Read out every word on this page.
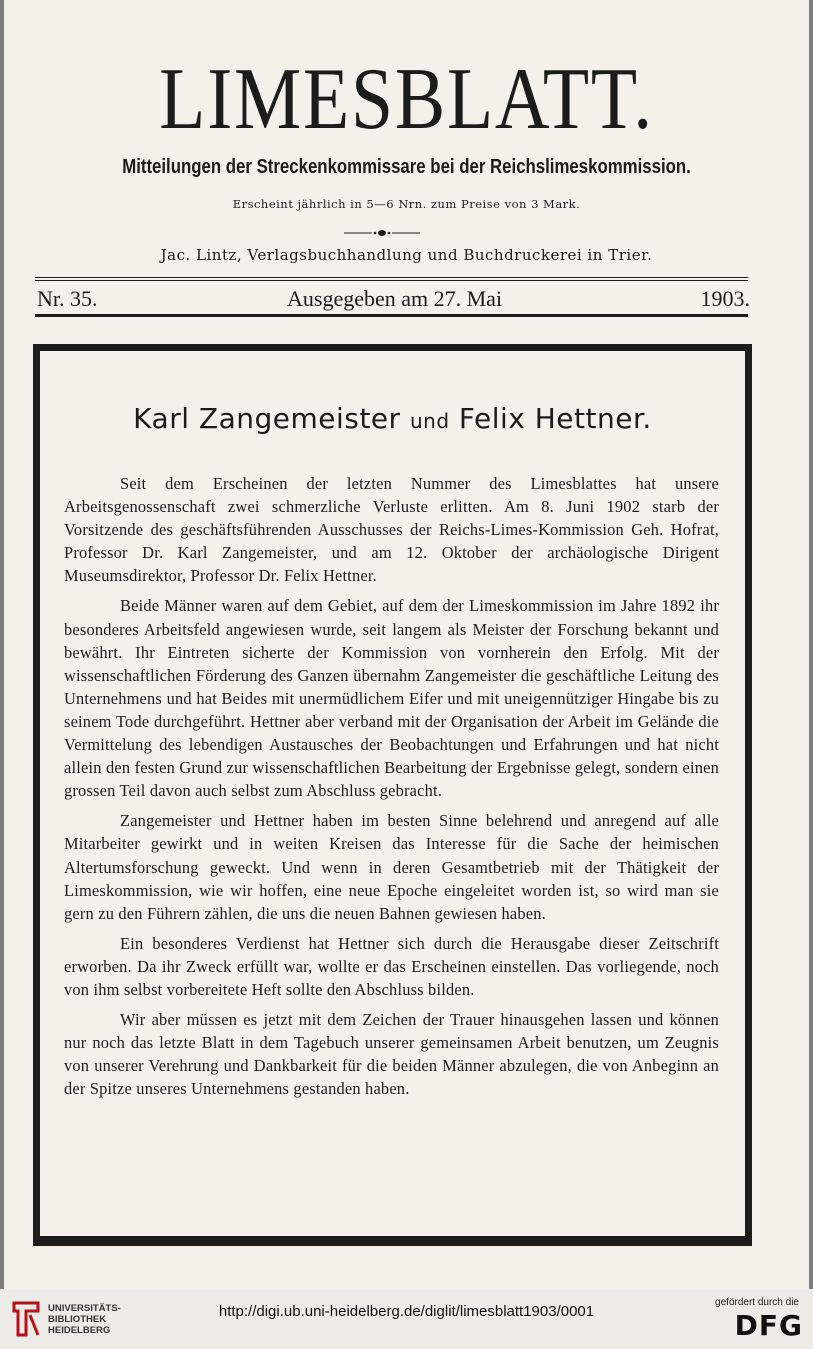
LIMESBLATT.
Mitteilungen der Streckenkommissare bei der Reichslimeskommission.
Erscheint jährlich in 5—6 Nrn. zum Preise von 3 Mark.
Jac. Lintz, Verlagsbuchhandlung und Buchdruckerei in Trier.
Nr. 35.	Ausgegeben am 27. Mai	1903.
Karl Zangemeister und Felix Hettner.

Seit dem Erscheinen der letzten Nummer des Limesblattes hat unsere Arbeitsgenossenschaft zwei schmerzliche Verluste erlitten. Am 8. Juni 1902 starb der Vorsitzende des geschäftsführenden Ausschusses der Reichs-Limes-Kommission Geh. Hofrat, Professor Dr. Karl Zangemeister, und am 12. Oktober der archäologische Dirigent Museumsdirektor, Professor Dr. Felix Hettner.

Beide Männer waren auf dem Gebiet, auf dem der Limeskommission im Jahre 1892 ihr besonderes Arbeitsfeld angewiesen wurde, seit langem als Meister der Forschung bekannt und bewährt. Ihr Eintreten sicherte der Kommission von vornherein den Erfolg. Mit der wissenschaftlichen Förderung des Ganzen übernahm Zangemeister die geschäftliche Leitung des Unternehmens und hat Beides mit unermüdlichem Eifer und mit uneigennütziger Hingabe bis zu seinem Tode durchgeführt. Hettner aber verband mit der Organisation der Arbeit im Gelände die Vermittelung des lebendigen Austausches der Beobachtungen und Erfahrungen und hat nicht allein den festen Grund zur wissenschaftlichen Bearbeitung der Ergebnisse gelegt, sondern einen grossen Teil davon auch selbst zum Abschluss gebracht.

Zangemeister und Hettner haben im besten Sinne belehrend und anregend auf alle Mitarbeiter gewirkt und in weiten Kreisen das Interesse für die Sache der heimischen Altertumsforschung geweckt. Und wenn in deren Gesamtbetrieb mit der Thätigkeit der Limeskommission, wie wir hoffen, eine neue Epoche eingeleitet worden ist, so wird man sie gern zu den Führern zählen, die uns die neuen Bahnen gewiesen haben.

Ein besonderes Verdienst hat Hettner sich durch die Herausgabe dieser Zeitschrift erworben. Da ihr Zweck erfüllt war, wollte er das Erscheinen einstellen. Das vorliegende, noch von ihm selbst vorbereitete Heft sollte den Abschluss bilden.

Wir aber müssen es jetzt mit dem Zeichen der Trauer hinausgehen lassen und können nur noch das letzte Blatt in dem Tagebuch unserer gemeinsamen Arbeit benutzen, um Zeugnis von unserer Verehrung und Dankbarkeit für die beiden Männer abzulegen, die von Anbeginn an der Spitze unseres Unternehmens gestanden haben.

UNIVERSITÄTS-
BIBLIOTHEK
HEIDELBERG
http://digi.ub.uni-heidelberg.de/diglit/limesblatt1903/0001
gefördert durch die
DFG
